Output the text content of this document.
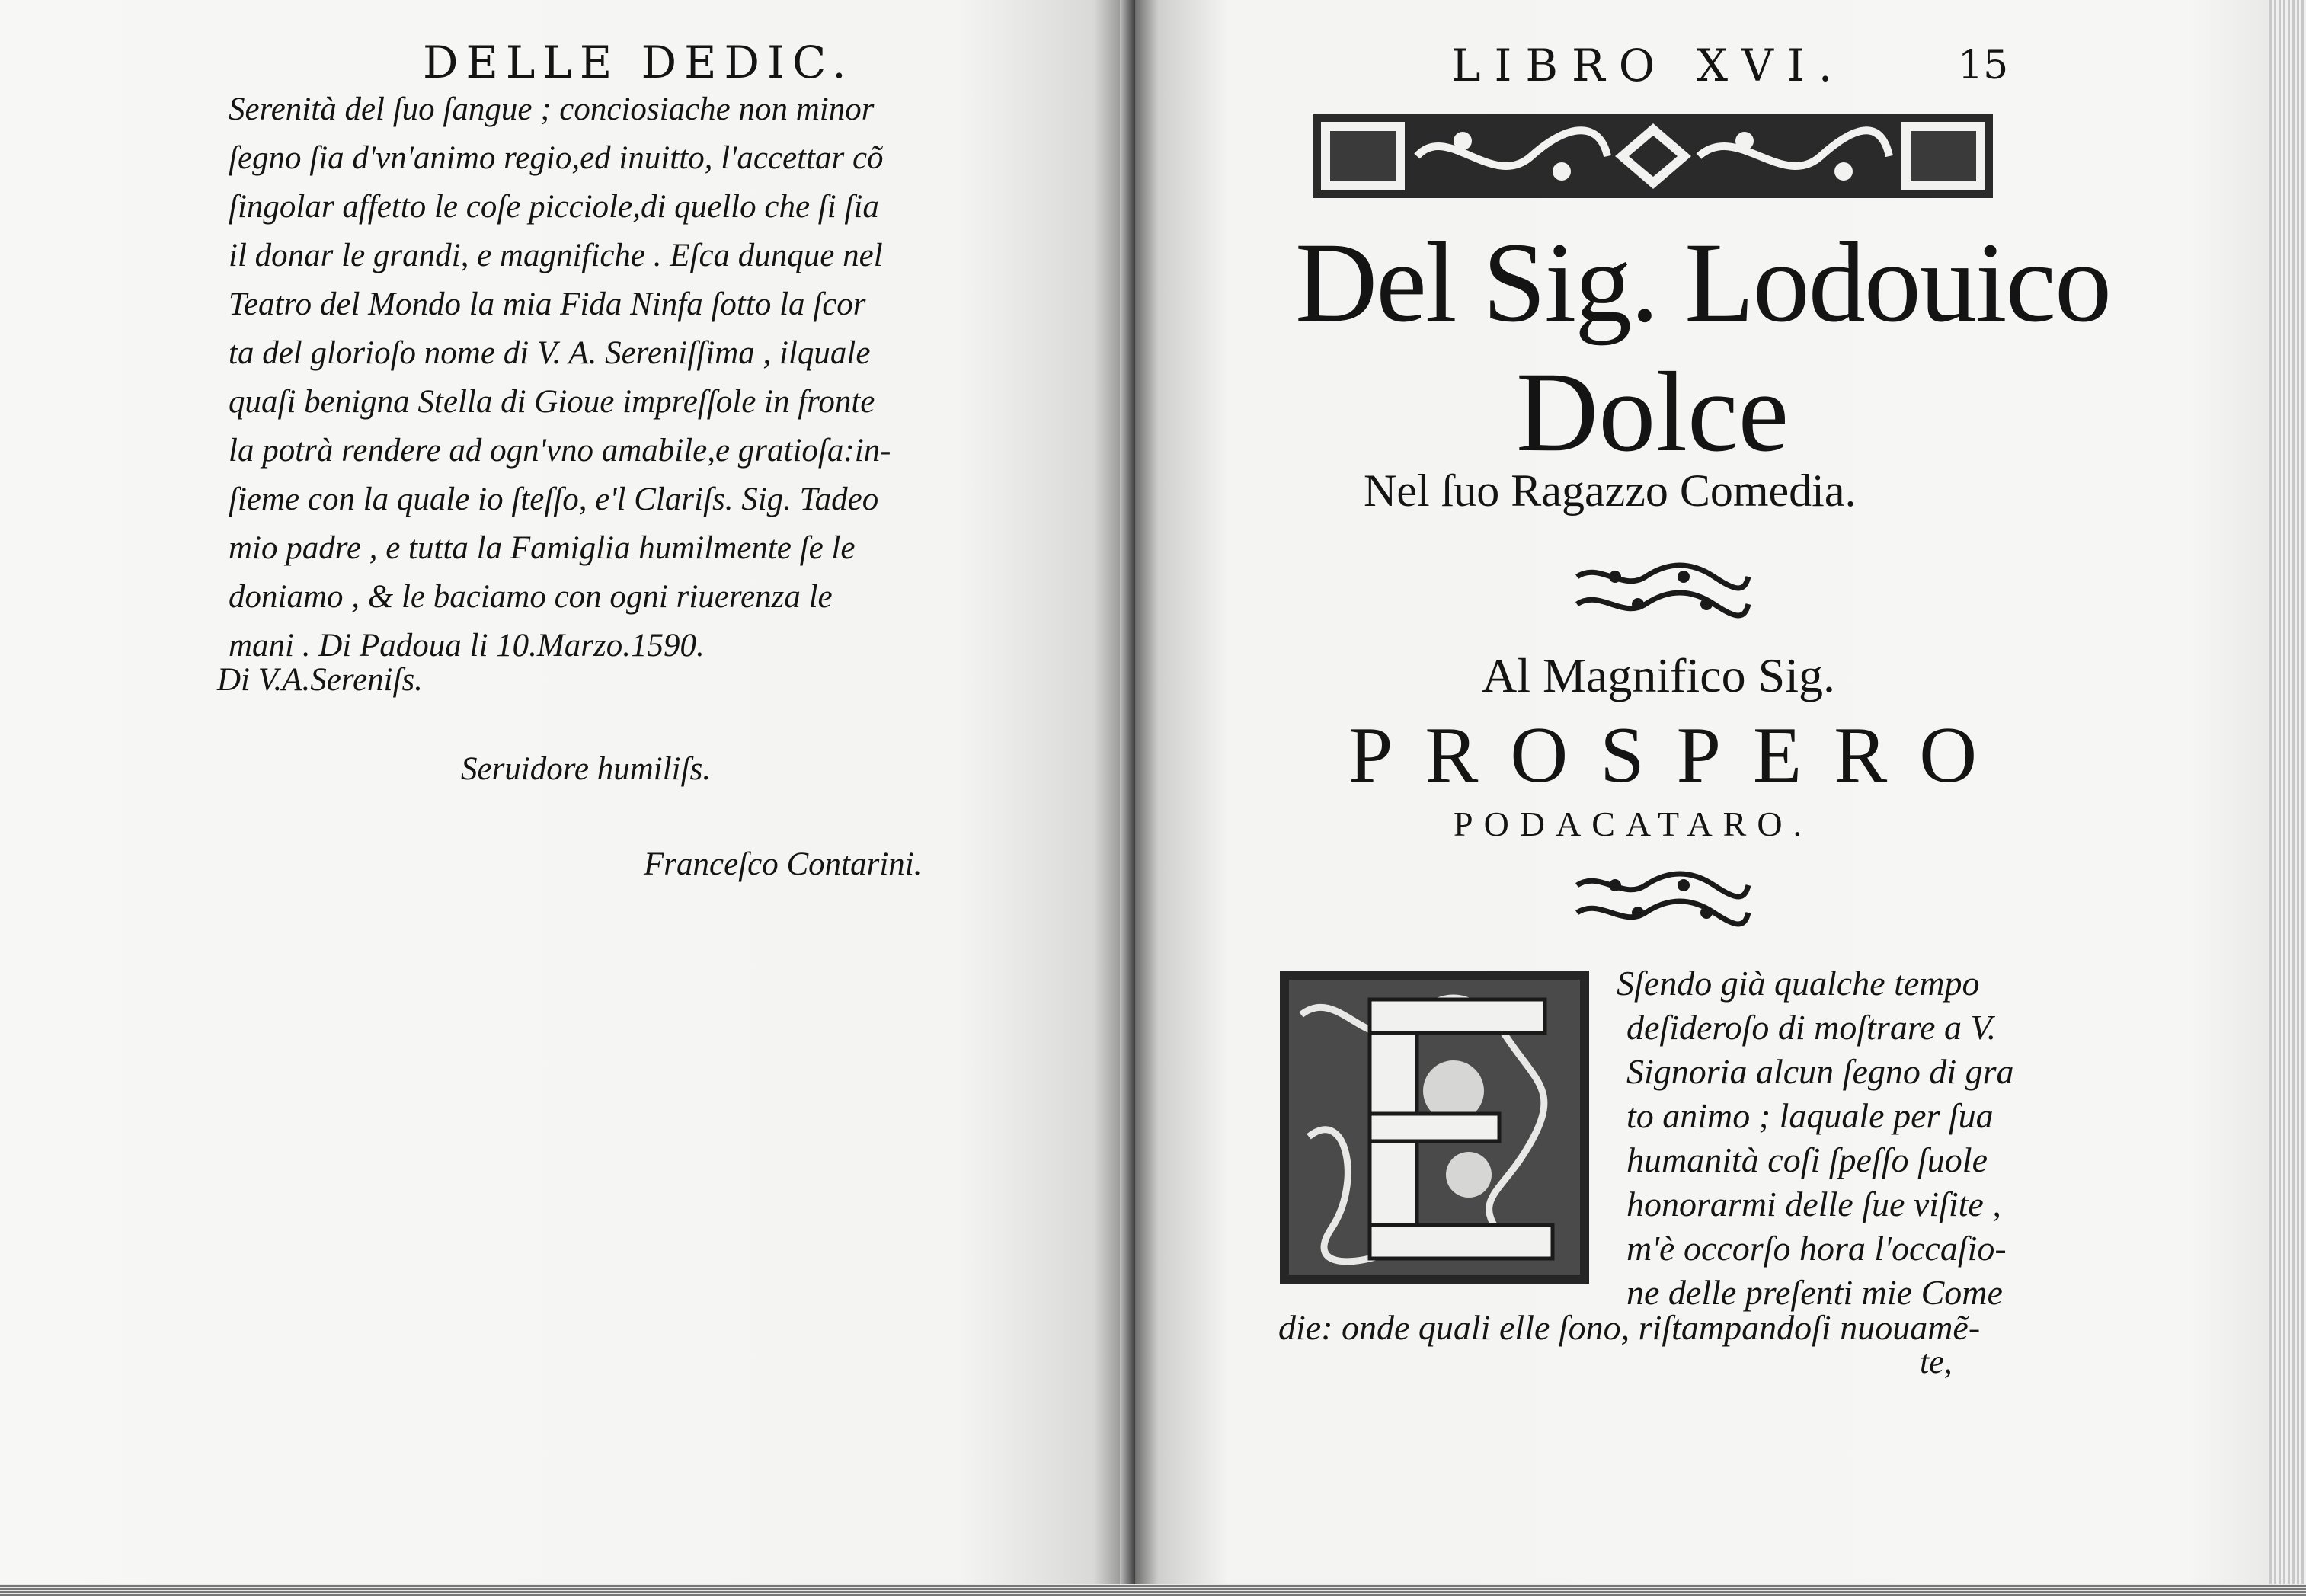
DELLE DEDIC.
Serenità del ſuo ſangue ; conciosiache non minor
ſegno ſia d'vn'animo regio,ed inuitto, l'accettar cõ
ſingolar affetto le coſe picciole,di quello che ſi ſia
il donar le grandi, e magnifiche . Eſca dunque nel
Teatro del Mondo la mia Fida Ninfa ſotto la ſcor
ta del glorioſo nome di V. A. Sereniſſima , ilquale
quaſi benigna Stella di Gioue impreſſole in fronte
la potrà rendere ad ogn'vno amabile,e gratioſa:in-
ſieme con la quale io ſteſſo, e'l Clariſs. Sig. Tadeo
mio padre , e tutta la Famiglia humilmente ſe le
doniamo , & le baciamo con ogni riuerenza le
mani . Di Padoua li 10.Marzo.1590.
Di V.A.Sereniſs.
Seruidore humiliſs.
Franceſco Contarini.
LIBRO XVI.	15
Del Sig. Lodouico
Dolce
Nel ſuo Ragazzo Comedia.
Al Magnifico Sig.
PROSPERO
PODACATARO.
Sſendo già qualche tempo
deſideroſo di moſtrare a V.
Signoria alcun ſegno di gra
to animo ; laquale per ſua
humanità coſi ſpeſſo ſuole
honorarmi delle ſue viſite ,
m'è occorſo hora l'occaſio-
ne delle preſenti mie Come
die: onde quali elle ſono, riſtampandoſi nuouamẽ-
te,
